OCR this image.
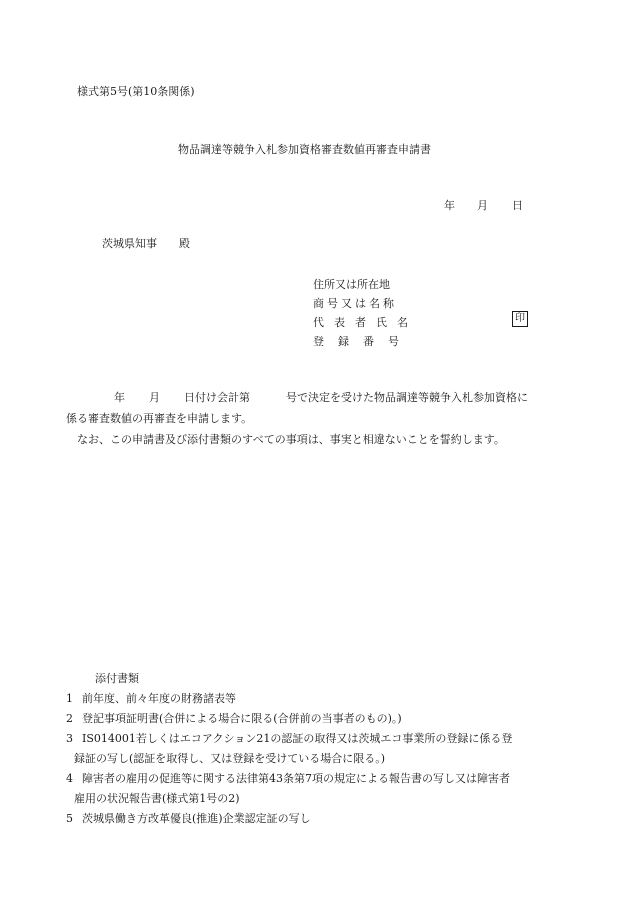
様式第5号(第10条関係)
物品調達等競争入札参加資格審査数値再審査申請書
年 月 日
茨城県知事 殿
住所又は所在地
商号又は名称
代表者氏名
登録番号
印

年 月 日付け会計第	号で決定を受けた物品調達等競争入札参加資格に

係る審査数値の再審査を申請します。

なお、この申請書及び添付書類のすべての事項は、事実と相違ないことを誓約します。

添付書類
1 前年度、前々年度の財務諸表等
2 登記事項証明書(合併による場合に限る(合併前の当事者のもの)。)
3 IS014001若しくはエコアクション21の認証の取得又は茨城エコ事業所の登録に係る登
録証の写し(認証を取得し、又は登録を受けている場合に限る。)
4 障害者の雇用の促進等に関する法律第43条第7項の規定による報告書の写し又は障害者
雇用の状況報告書(様式第1号の2)
5 茨城県働き方改革優良(推進)企業認定証の写し
